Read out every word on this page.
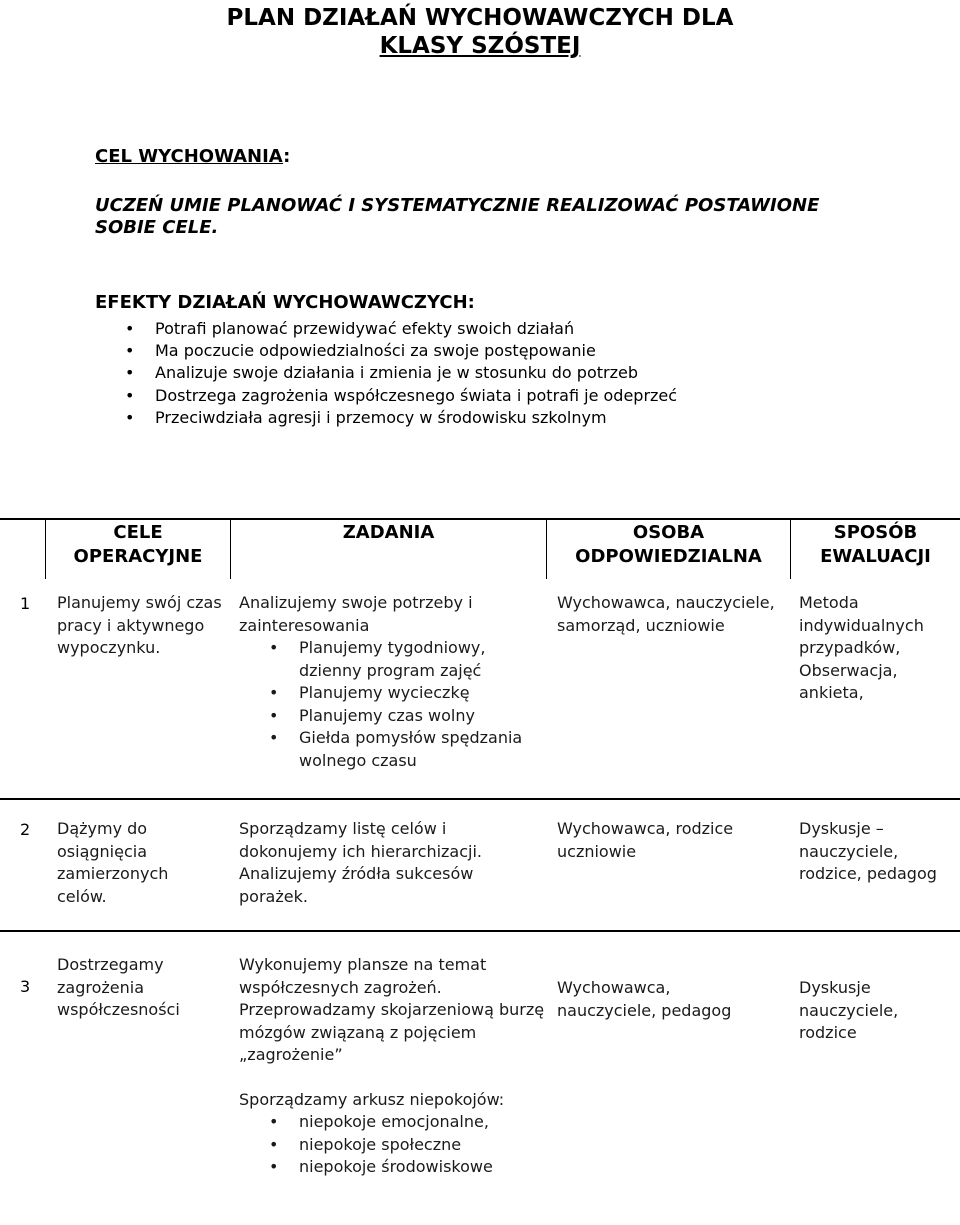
PLAN DZIAŁAŃ WYCHOWAWCZYCH DLA
KLASY SZÓSTEJ
CEL WYCHOWANIA:
UCZEŃ UMIE PLANOWAĆ I SYSTEMATYCZNIE REALIZOWAĆ POSTAWIONE SOBIE CELE.
EFEKTY DZIAŁAŃ WYCHOWAWCZYCH:
• Potrafi planować przewidywać efekty swoich działań
• Ma poczucie odpowiedzialności za swoje postępowanie
• Analizuje swoje działania i zmienia je w stosunku do potrzeb
• Dostrzega zagrożenia współczesnego świata i potrafi je odeprzeć
• Przeciwdziała agresji i przemocy w środowisku szkolnym
CELE OPERACYJNE
ZADANIA	OSOBA ODPOWIEDZIALNA
SPOSÓB EWALUACJI
1 Planujemy swój czas pracy i aktywnego wypoczynku.
Analizujemy swoje potrzeby i zainteresowania
• Planujemy tygodniowy, dzienny program zajęć
• Planujemy wycieczkę
• Planujemy czas wolny
• Giełda pomysłów spędzania wolnego czasu
Wychowawca, nauczyciele, samorząd, uczniowie
Metoda indywidualnych przypadków, Obserwacja, ankieta,
2 Dążymy do osiągnięcia zamierzonych celów.
Sporządzamy listę celów i dokonujemy ich hierarchizacji. Analizujemy źródła sukcesów porażek.
Wychowawca, rodzice uczniowie
Dyskusje – nauczyciele, rodzice, pedagog
3
Dostrzegamy zagrożenia współczesności
Wykonujemy plansze na temat współczesnych zagrożeń. Przeprowadzamy skojarzeniową burzę mózgów związaną z pojęciem „zagrożenie”
Sporządzamy arkusz niepokojów:
• niepokoje emocjonalne,
• niepokoje społeczne
• niepokoje środowiskowe
Wychowawca, nauczyciele, pedagog
Dyskusje nauczyciele, rodzice
